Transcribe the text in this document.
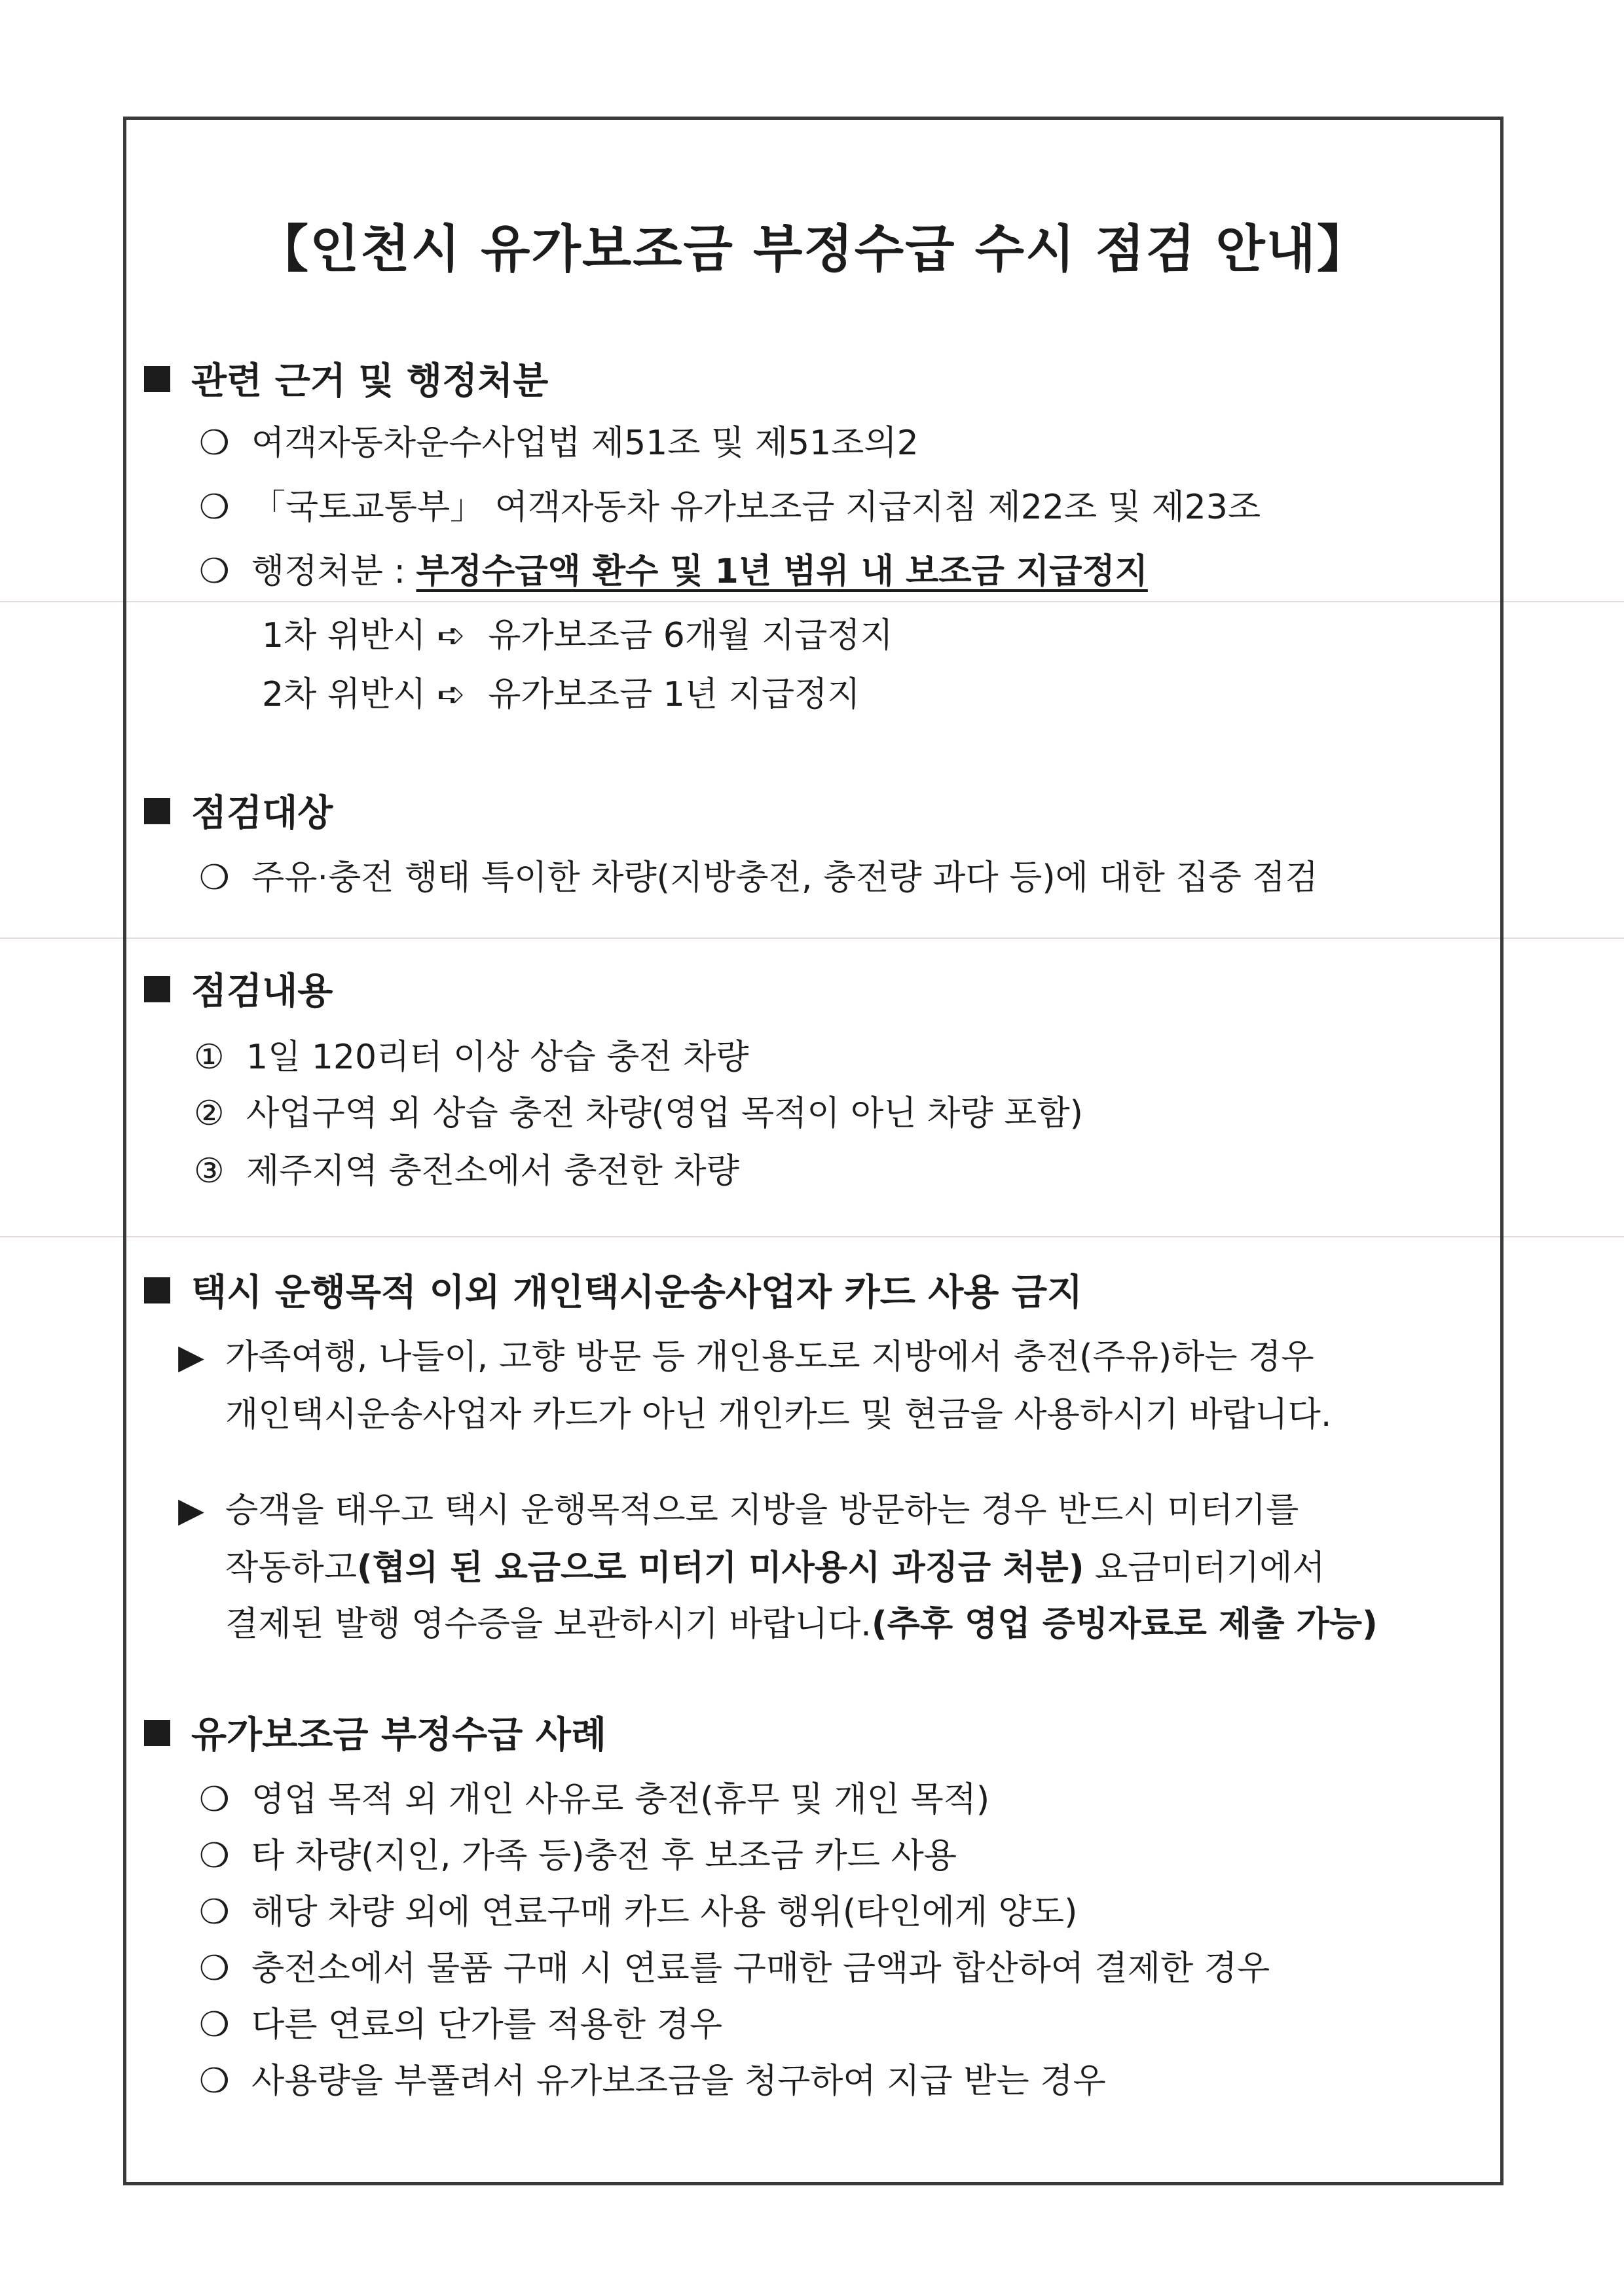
【인천시 유가보조금 부정수급 수시 점검 안내】
관련 근거 및 행정처분
❍ 여객자동차운수사업법 제51조 및 제51조의2
❍ 「국토교통부」 여객자동차 유가보조금 지급지침 제22조 및 제23조
❍ 행정처분 : 부정수급액 환수 및 1년 범위 내 보조금 지급정지
1차 위반시 ➪ 유가보조금 6개월 지급정지
2차 위반시 ➪ 유가보조금 1년 지급정지
점검대상
❍ 주유·충전 행태 특이한 차량(지방충전, 충전량 과다 등)에 대한 집중 점검
점검내용
① 1일 120리터 이상 상습 충전 차량
② 사업구역 외 상습 충전 차량(영업 목적이 아닌 차량 포함)
③ 제주지역 충전소에서 충전한 차량
택시 운행목적 이외 개인택시운송사업자 카드 사용 금지
▶ 가족여행, 나들이, 고향 방문 등 개인용도로 지방에서 충전(주유)하는 경우
개인택시운송사업자 카드가 아닌 개인카드 및 현금을 사용하시기 바랍니다.
▶ 승객을 태우고 택시 운행목적으로 지방을 방문하는 경우 반드시 미터기를
작동하고(협의 된 요금으로 미터기 미사용시 과징금 처분) 요금미터기에서
결제된 발행 영수증을 보관하시기 바랍니다.(추후 영업 증빙자료로 제출 가능)
유가보조금 부정수급 사례
❍ 영업 목적 외 개인 사유로 충전(휴무 및 개인 목적)
❍ 타 차량(지인, 가족 등)충전 후 보조금 카드 사용
❍ 해당 차량 외에 연료구매 카드 사용 행위(타인에게 양도)
❍ 충전소에서 물품 구매 시 연료를 구매한 금액과 합산하여 결제한 경우
❍ 다른 연료의 단가를 적용한 경우
❍ 사용량을 부풀려서 유가보조금을 청구하여 지급 받는 경우
